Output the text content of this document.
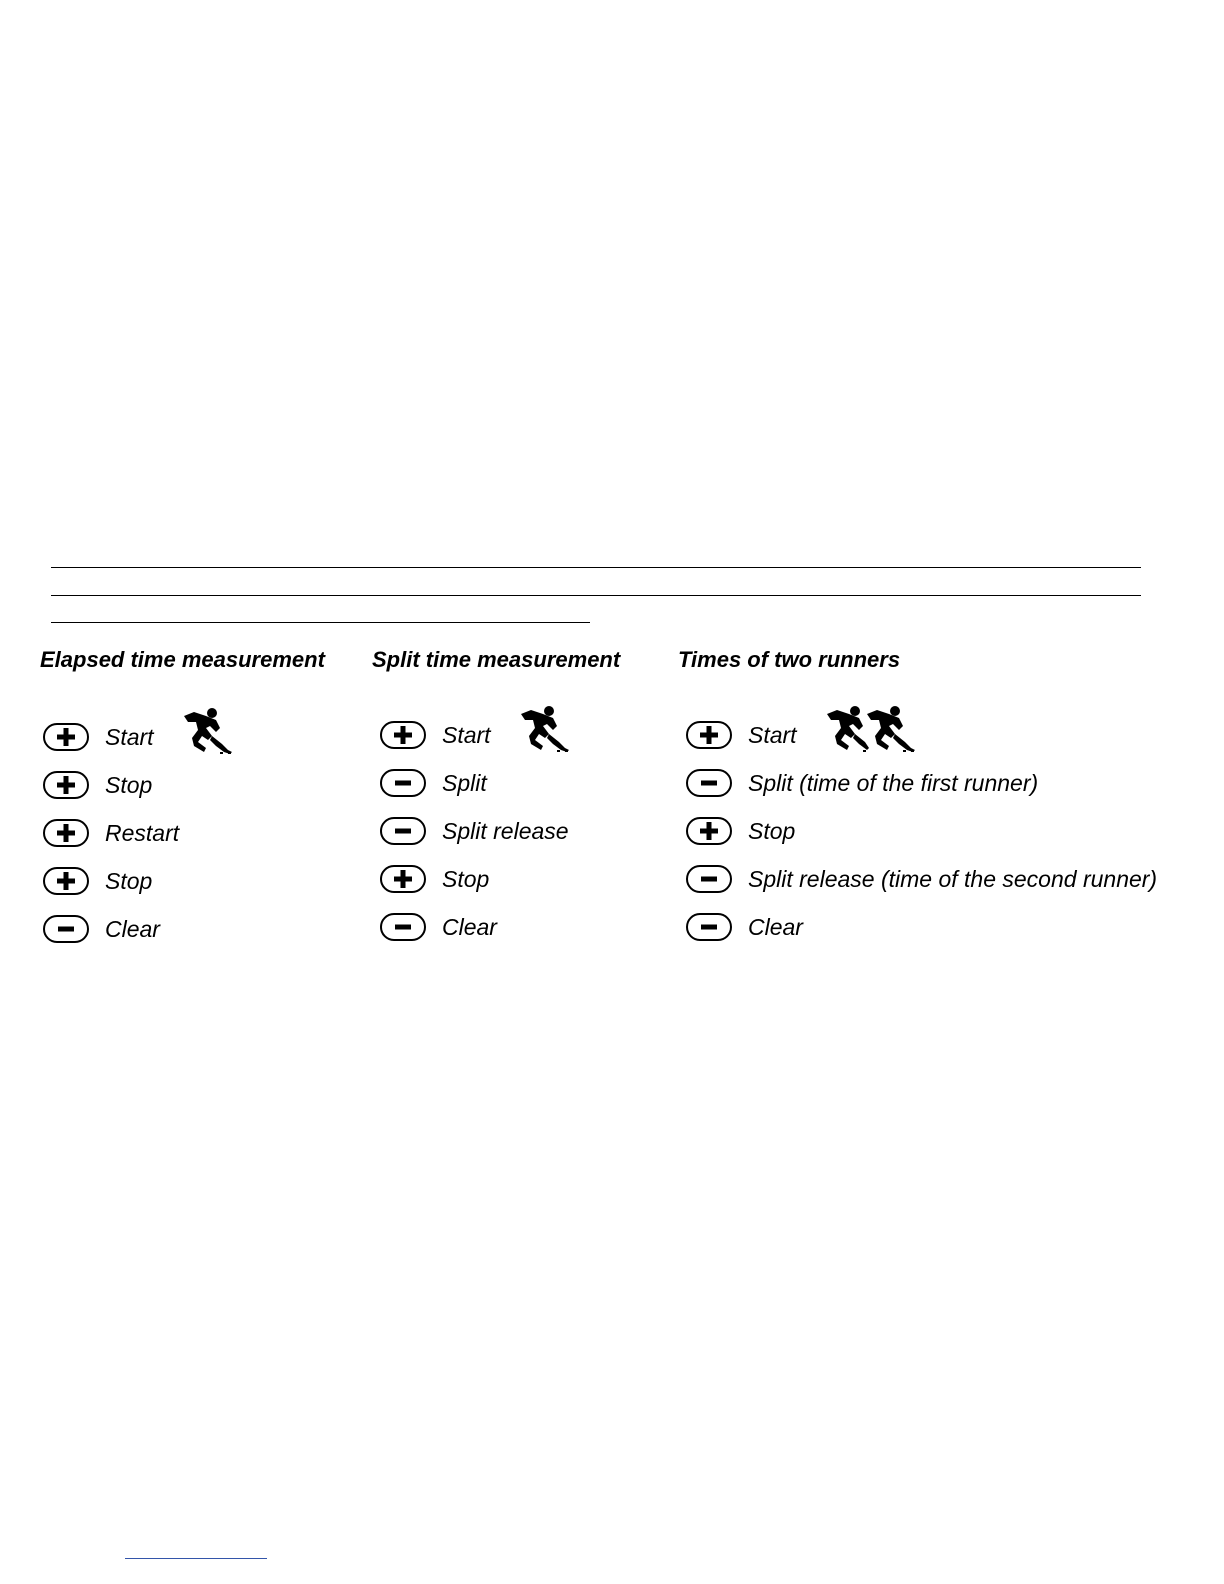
Elapsed time measurement
Start
Stop
Restart
Stop
Clear
Split time measurement
Start
Split
Split release
Stop
Clear
Times of two runners
Start
Split (time of the first runner)
Stop
Split release (time of the second runner)
Clear
